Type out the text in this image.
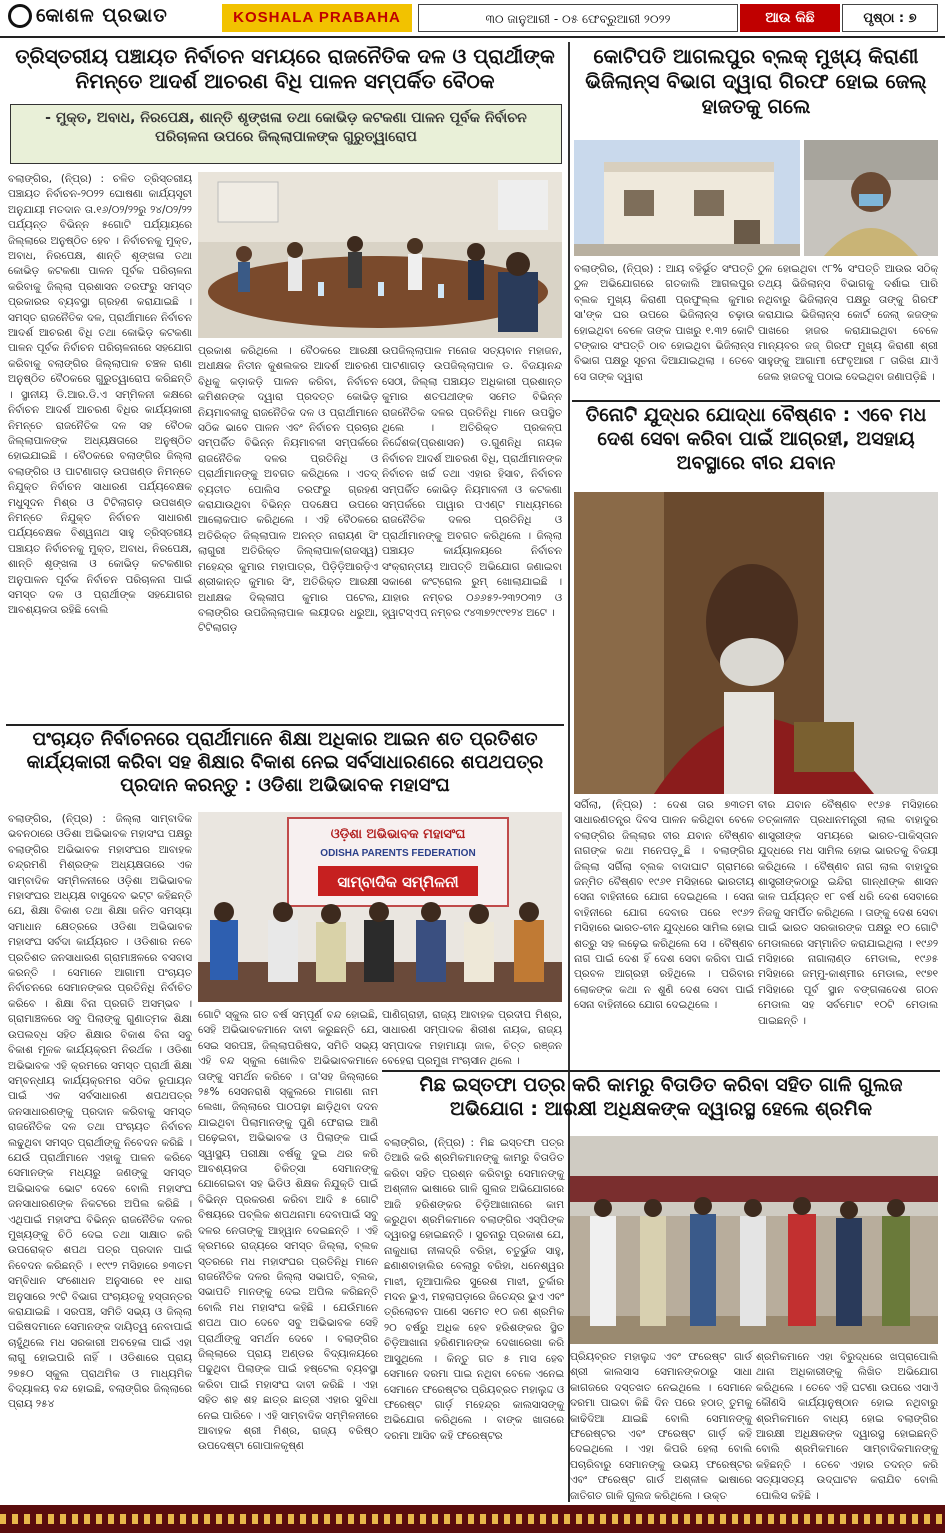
କୋଶଳ ପ୍ରଭାତ	KOSHALA PRABAHA	୩୦ ଜାନୁଆରୀ - ୦୫ ଫେବ୍ରୁଆରୀ ୨୦୨୨	ଆଉ କିଛି	ପୃଷ୍ଠା : ୭
ତ୍ରିସ୍ତରୀୟ ପଞ୍ଚାୟତ ନିର୍ବାଚନ ସମୟରେ ରାଜନୈତିକ ଦଳ ଓ ପ୍ରାର୍ଥୀଙ୍କ ନିମନ୍ତେ ଆଦର୍ଶ ଆଚରଣ ବିଧି ପାଳନ ସମ୍ପର୍କିତ ବୈଠକ
- ମୁକ୍ତ, ଅବାଧ, ନିରପେକ୍ଷ, ଶାନ୍ତି ଶୃଙ୍ଖଳା ତଥା କୋଭିଡ଼ କଟକଣା ପାଳନ ପୂର୍ବକ ନିର୍ବାଚନ ପରିଚାଳନା ଉପରେ ଜିଲ୍ଲାପାଳଙ୍କ ଗୁରୁତ୍ୱାରୋପ
ବଲାଙ୍ଗିର, (ନି୍ପ୍ର) : ଚଳିତ ତ୍ରିସ୍ତରୀୟ ପଞ୍ଚାୟତ ନିର୍ବାଚନ-୨୦୨୨ ଘୋଷଣା କାର୍ଯ୍ୟସୂଚୀ ଅନୁଯାୟୀ ମତଦାନ ତା.୧୬/୦୨/୨୨ରୁ ୨୪/୦୨/୨୨ ପର୍ଯ୍ୟନ୍ତ ବିଭିନ୍ନ ୫ଗୋଟି ପର୍ଯ୍ୟାୟରେ ଜିଲ୍ଲାରେ ଅନୁଷ୍ଠିତ ହେବ । ନିର୍ବାଚନକୁ ମୁକ୍ତ, ଅବାଧ, ନିରପେକ୍ଷ, ଶାନ୍ତି ଶୃଙ୍ଖଳା ତଥା କୋଭିଡ଼ କଟକଣା ପାଳନ ପୂର୍ବକ ପରିଚାଳନା କରିବାକୁ ଜିଲ୍ଲା ପ୍ରଶାସନ ତରଫରୁ ସମସ୍ତ ପ୍ରକାରର ବ୍ୟବସ୍ଥା ଗ୍ରହଣ କରାଯାଇଛି । ସମସ୍ତ ରାଜନୈତିକ ଦଳ, ପ୍ରାର୍ଥୀମାନେ ନିର୍ବାଚନ ଆଦର୍ଶ ଆଚରଣ ବିଧି ତଥା କୋଭିଡ଼ କଟକଣା ପାଳନ ପୂର୍ବକ ନିର୍ବାଚନ ପରିଚାଳନାରେ ସହଯୋଗ କରିବାକୁ ବଲାଙ୍ଗିର ଜିଲ୍ଲାପାଳ ଚଞ୍ଚଳ ରାଣା ଅନୁଷ୍ଠିତ ବୈଠକରେ ଗୁରୁତ୍ୱାରୋପ କରିଛନ୍ତି । ସ୍ଥାନୀୟ ଡି.ଆର.ଡି.ଏ ସମ୍ମିଳନୀ କକ୍ଷରେ ନିର୍ବାଚନ ଆଦର୍ଶ ଆଚରଣ ବିଧିର କାର୍ଯ୍ୟକାରୀ ନିମନ୍ତେ ରାଜନୈତିକ ଦଳ ସହ ବୈଠକ ଜିଲ୍ଲାପାଳଙ୍କ ଅଧ୍ୟକ୍ଷତାରେ ଅନୁଷ୍ଠିତ ହୋଇଯାଇଛି । ବୈଠକରେ ବଲାଙ୍ଗିର ଜିଲ୍ଲା ବଲାଙ୍ଗିର ଓ ପାଟଣାଗଡ଼ ଉପଖଣ୍ଡ ନିମନ୍ତେ ନିଯୁକ୍ତ ନିର୍ବାଚନ ସାଧାରଣ ପର୍ଯ୍ୟବେକ୍ଷକ ମଧୁସୂଦନ ମିଶ୍ର ଓ ଟିଟିଲାଗଡ଼ ଉପଖଣ୍ଡ ନିମନ୍ତେ ନିଯୁକ୍ତ ନିର୍ବାଚନ ସାଧାରଣ ପର୍ଯ୍ୟବେକ୍ଷକ ବିଶ୍ୱନାଥ ସାହୁ ତ୍ରିସ୍ତରୀୟ ପଞ୍ଚାୟତ ନିର୍ବାଚନକୁ ମୁକ୍ତ, ଅବାଧ, ନିରପେକ୍ଷ, ଶାନ୍ତି ଶୃଙ୍ଖଳା ଓ କୋଭିଡ଼ କଟକଣାର ଅନୁପାଳନ ପୂର୍ବକ ନିର୍ବାଚନ ପରିଚାଳନା ପାଇଁ ସମସ୍ତ ଦଳ ଓ ପ୍ରାର୍ଥୀଙ୍କ ସହଯୋଗର ଆବଶ୍ୟକତା ରହିଛି ବୋଲି
ପ୍ରକାଶ କରିଥିଲେ । ବୈଠକରେ ଆରକ୍ଷୀ ଅଧୀକ୍ଷକ ନିତୀନ କୁଶଲକର ଆଦର୍ଶ ଆଚରଣ ବିଧିକୁ କଡ଼ାକଡ଼ି ପାଳନ କରିବା, ନିର୍ବାଚନ କମିଶନଙ୍କ ଦ୍ୱାରା ପ୍ରଦତ୍ତ କୋଭିଡ଼ ନିୟମାବଳୀକୁ ରାଜନୈତିକ ଦଳ ଓ ପ୍ରାର୍ଥୀମାନେ ସଠିକ ଭାବେ ପାଳନ ଏବଂ ନିର୍ବାଚନ ପ୍ରଚାର ସମ୍ପର୍କିତ ବିଭିନ୍ନ ନିୟମାବଳୀ ସମ୍ପର୍କରେ ରାଜନୈତିକ ଦଳର ପ୍ରତିନିଧି ଓ ପ୍ରାର୍ଥୀମାନଙ୍କୁ ଅବଗତ କରିଥିଲେ । ଏତଦ୍ ବ୍ୟତୀତ ପୋଲିସ ତରଫରୁ ଗ୍ରହଣ କରାଯାଉଥିବା ବିଭିନ୍ନ ପଦକ୍ଷେପ ଉପରେ ଆଲୋକପାତ କରିଥିଲେ । ଏହି ବୈଠକରେ ଅତିରିକ୍ତ ଜିଲ୍ଲାପାଳ ଅନନ୍ତ ନାରାୟଣ ସିଂ ଲାଗୁରୀ ଅତିରିକ୍ତ ଜିଲ୍ଲାପାଳ(ରାଜସ୍ୱ) ମହେନ୍ଦ୍ର କୁମାର ମହାପାତ୍ର, ପିଡ଼ିଡ଼ିଆରଡ଼ିଏ ଶ୍ରୀକାନ୍ତ କୁମାର ସିଂ, ଅତିରିକ୍ତ ଆରକ୍ଷୀ ଅଧୀକ୍ଷକ ଦିଲ୍ଲୀପ କୁମାର ପଟେଲ, ବଲାଙ୍ଗିର ଉପଜିଲ୍ଲାପାଳ ଲୟୀଦର ଧରୁଆ, ଟିଟିଲାଗଡ଼
ଉପଜିଲ୍ଲାପାଳ ମନୋଜ ସତ୍ୟବାନ ମହାଜନ, ପାଟଣାଗଡ଼ ଉପଜିଲ୍ଲାପାଳ ଡ. ବିଜୟାନନ୍ଦ ସେଠୀ, ଜିଲ୍ଲା ପଞ୍ଚାୟତ ଅଧିକାରୀ ପ୍ରଶାନ୍ତ କୁମାର ଶତପଥୀଙ୍କ ସମେତ ବିଭିନ୍ନ ରାଜନୈତିକ ଦଳର ପ୍ରତିନିଧି ମାନେ ଉପସ୍ଥିତ ଥିଲେ । ଅତିରିକ୍ତ ପ୍ରକଳ୍ପ ନିର୍ଦ୍ଦେଶକ(ପ୍ରଶାସନ) ଡ.ଗୁଣନିଧି ନାୟକ ନିର୍ବାଚନ ଆଦର୍ଶ ଆଚରଣ ବିଧି, ପ୍ରାର୍ଥୀମାନଙ୍କ ନିର୍ବାଚନ ଖର୍ଚ୍ଚ ତଥା ଏହାର ହିସାବ, ନିର୍ବାଚନ ସମ୍ପର୍କିତ କୋଭିଡ଼ ନିୟମାବଳୀ ଓ କଟକଣା ସମ୍ପର୍କରେ ପାୱାର ପଏଣ୍ଟ ମାଧ୍ୟମରେ ରାଜନୈତିକ ଦଳର ପ୍ରତିନିଧି ଓ ପ୍ରାର୍ଥୀମାନଙ୍କୁ ଅବଗତ କରିଥିଲେ । ଜିଲ୍ଲା ପଞ୍ଚାୟତ କାର୍ଯ୍ୟାଳୟରେ ନିର୍ବାଚନ ସଂକ୍ରାନ୍ତୀୟ ଆପତ୍ତି ଅଭିଯୋଗ ଜଣାଇବା ସକାଶେ କଂଟ୍ରୋଲ ରୁମ୍ ଖୋଲାଯାଇଛି । ଯାହାର ନମ୍ବର ୦୬୬୫୨-୨୩୨୦୩୨ ଓ ହ୍ୱାଟସ୍ଏପ୍ ନମ୍ବର ୯୪୩୭୨୯୯୧୨୪ ଅଟେ ।
ପଂଚାୟତ ନିର୍ବାଚନରେ ପ୍ରାର୍ଥୀମାନେ ଶିକ୍ଷା ଅଧିକାର ଆଇନ ଶତ ପ୍ରତିଶତ କାର୍ଯ୍ୟକାରୀ କରିବା ସହ ଶିକ୍ଷାର ବିକାଶ ନେଇ ସର୍ବସାଧାରଣରେ ଶପଥପତ୍ର ପ୍ରଦାନ କରନ୍ତୁ : ଓଡିଶା ଅଭିଭାବକ ମହାସଂଘ
ବଲାଙ୍ଗିର, (ନି୍ପ୍ର) : ଜିଲ୍ଲା ସାମ୍ବାଦିକ ଭବନଠାରେ ଓଡିଶା ଅଭିଭାବକ ମହାସଂଘ ପକ୍ଷରୁ ବଲାଙ୍ଗିର ଅଭିଭାବକ ମହାସଂଘର ଆବାହକ ଚନ୍ଦ୍ରମଣି ମିଶ୍ରଙ୍କ ଅଧ୍ୟକ୍ଷତାରେ ଏକ ସାମ୍ବାଦିକ ସମ୍ମିଳନୀରେ ଓଡ଼ିଶା ଅଭିଭାବକ ମହାସଂଘର ଅଧ୍ୟକ୍ଷ ବାସୁଦେବ ଭଟ୍ଟ କହିଛନ୍ତି ଯେ, ଶିକ୍ଷା ବିକାଶ ତଥା ଶିକ୍ଷା ଜନିତ ସମସ୍ୟା ସମାଧାନ କ୍ଷେତ୍ରରେ ଓଡିଶା ଅଭିଭାବକ ମହାସଂଘ ସର୍ବଦା କାର୍ଯ୍ୟରତ । ଓଡିଶାର ନବେ ପ୍ରତିଶତ ଜନସାଧାରଣ ଗ୍ରାମାଞ୍ଚଳରେ ବସବାସ କରନ୍ତି । ସେମାନେ ଆଗାମୀ ପଂଚାୟତ ନିର୍ବାଚନରେ ସେମାନଙ୍କର ପ୍ରତିନିଧି ନିର୍ବାଚିତ କରିବେ । ଶିକ୍ଷା ବିନା ପ୍ରଗତି ଅସମ୍ଭବ । ଗ୍ରାମାଞ୍ଚଳରେ ସବୁ ପିଲାଙ୍କୁ ଗୁଣାତ୍ମକ ଶିକ୍ଷା ଉପଲବ୍ଧ ସହିତ ଶିକ୍ଷାର ବିକାଶ ବିନା ସବୁ ବିକାଶ ମୂଳକ କାର୍ଯ୍ୟକ୍ରମ ନିରର୍ଥକ । ଓଡିଶା ଅଭିଭାବକ ଏହି କ୍ରମରେ ସମସ୍ତ ପ୍ରାର୍ଥୀ ଶିକ୍ଷା ସମ୍ବନ୍ଧୀୟ କାର୍ଯ୍ୟକ୍ରମର ସଠିକ ରୂପାୟନ ପାଇଁ ଏକ ସର୍ବସାଧାରଣ ଶପଥପତ୍ର ଜନସାଧାରଣଙ୍କୁ ପ୍ରଦାନ କରିବାକୁ ସମସ୍ତ ରାଜନୈତିକ ଦଳ ତଥା ପଂଚାୟତ ନିର୍ବାଚନ ଲଢୁଥିବା ସମସ୍ତ ପ୍ରାର୍ଥୀଙ୍କୁ ନିବେଦନ କରିଛି । ଯେଉଁ ପ୍ରାର୍ଥୀମାନେ ଏହାକୁ ପାଳନ କରିବେ ସେମାନଙ୍କ ମଧ୍ୟରୁ ଜଣଙ୍କୁ ସମସ୍ତ ଅଭିଭାବକ ଭୋଟ ଦେବେ ବୋଲି ମହାସଂଘ ଜନସାଧାରଣଙ୍କ ନିକଟରେ ଅପିଲ କରିଛି । ଏଥିପାଇଁ ମହାସଂଘ ବିଭିନ୍ନ ରାଜନୈତିକ ଦଳର ମୁଖ୍ୟଙ୍କୁ ଚିଠି ଦେଇ ତଥା ସାକ୍ଷାତ କରି ଉପରୋକ୍ତ ଶପଥ ପତ୍ର ପ୍ରଦାନ ପାଇଁ ନିବେଦନ କରିଛନ୍ତି । ୧୯୯୨ ମସିହାରେ ୭୩ତମ ସମ୍ବିଧାନ ସଂଶୋଧନ ଅନୁସାରେ ୧୧ ଧାରା ଅନୁସାରେ ୨୯ଟି ବିଭାଗ ପଂଚାୟତକୁ ହସ୍ତାନ୍ତର କରାଯାଇଛି । ସରପଞ୍ଚ, ସମିତି ସଭ୍ୟ ଓ ଜିଲ୍ଲା ପରିଷଦମାନେ ସେମାନଙ୍କ ଦାୟିତ୍ୱ ନେବାପାଇଁ ଚାହୁଁଥିଲେ ମଧ ସରକାରୀ ଅବହେଳା ପାଇଁ ଏହା ଲାଗୁ ହୋଇପାରି ନାହିଁ । ଓଡିଶାରେ ପ୍ରାୟ ୨୭୫୦ ସ୍କୁଲ ପ୍ରାଥମିକ ଓ ମାଧ୍ୟମିକ ବିଦ୍ୟାଳୟ ବନ୍ଦ ହୋଇଛି, ବଲାଙ୍ଗିର ଜିଲ୍ଲାରେ ପ୍ରାୟ ୨୫୪
ଓଡ଼ିଶା ଅଭିଭାବକ ମହାସଂଘ
ODISHA PARENTS FEDERATION
ସାମ୍ବାଦିକ ସମ୍ମିଳନୀ
ଗୋଟି ସ୍କୁଲ ଗତ ବର୍ଷ ସମ୍ପୂର୍ଣ ବନ୍ଦ ହୋଇଛି, ସେହି ଅଭିଭାବକମାନେ ଦାବୀ କରୁଛନ୍ତି ଯେ, ସେଇ ସରପଞ୍ଚ, ଜିଲ୍ଲାପରିଷଦ, ସମିତି ସଭ୍ୟ ଏହି ବନ୍ଦ ସ୍କୁଲ ଖୋଲିବ ଅଭିଭାବକମାନେ ତାଙ୍କୁ ସମର୍ଥନ କରିବେ । ତା'ସହ ଜିଲ୍ଲାରେ ୨୫% ସେସନରାଶି ସ୍କୁଲରେ ମାଗଣା ନାମ ଲେଖା, ଜିଲ୍ଲାରେ ପାଠପଢ଼ା ଛାଡ଼ିଥିବା ଦଦନ ଯାଇଥିବା ପିଲାମାନଙ୍କୁ ପୁଣି ଫେରାଇ ଆଣି ପଢ଼େଇବା, ଅଭିଭାବକ ଓ ପିଲାଙ୍କ ପାଇଁ ସ୍ୱାସ୍ଥ୍ୟ ପରୀକ୍ଷା ବର୍ଷକୁ ଦୁଇ ଥର କରି ଆବଶ୍ୟକତା ଚିକିତ୍ସା ସେମାନଙ୍କୁ ଯୋଗେଇବା ସହ ଭିଡିଓ ଶିକ୍ଷକ ନିଯୁକ୍ତି ପାଇଁ ବିଭିନ୍ନ ପ୍ରକରଣ କରିବା ଆଦି ୫ ଗୋଟି ବିଷୟରେ ପବ୍ଲିକ ଶପଥନାମା ଦେବାପାଇଁ ସବୁ ଦଳର ନେତାଙ୍କୁ ଆହ୍ୱାନ ଦେଇଛନ୍ତି । ଏହି କ୍ରମରେ ରାଜ୍ୟରେ ସମସ୍ତ ଜିଲ୍ଲା, ବ୍ଲକ ସ୍ତରରେ ମଧ ମହାସଂଘର ପ୍ରତିନିଧି ମାନେ ରାଜନୈତିକ ଦଳର ଜିଲ୍ଲା ସଭାପତି, ବ୍ଲକ, ସଭାପତି ମାନଙ୍କୁ ଦେଇ ଅପିଲ କରିଛନ୍ତି ବୋଲି ମଧ ମହାସଂଘ କହିଛି । ଯେଉଁମାନେ ଶପଥ ପାଠ ଦେବେ ସବୁ ଅଭିଭାବକ ସେହି ପ୍ରାର୍ଥୀଙ୍କୁ ସମର୍ଥନ ଦେବେ । ବଲାଙ୍ଗିର ଜିଲ୍ଲାରେ ପ୍ରାୟ ଅଣ୍ଡର ବିଦ୍ୟାଳୟରେ ପଢୁଥିବା ପିଲାଙ୍କ ପାଇଁ ହଷ୍ଟେଲ ବ୍ୟବସ୍ଥା କରିବା ପାଇଁ ମହାସଂଘ ଦାବୀ କରିଛି । ଏହା ସହିତ ଶହ ଶହ ଛାତ୍ର ଛାତ୍ରୀ ଏହାର ସୁବିଧା ନେଇ ପାରିବେ । ଏହି ସାମ୍ବାଦିକ ସମ୍ମିଳନୀରେ ଆବାହକ ଶ୍ରୀ ମିଶ୍ର, ରାଜ୍ୟ ବରିଷ୍ଠ ଉପଦେଷ୍ଟା ଗୋପାଳକୃଷ୍ଣ
ପାଣିଗ୍ରାହୀ, ରାଜ୍ୟ ଆବାହକ ପ୍ରଦୀପ ମିଶ୍ର, ସାଧାରଣ ସମ୍ପାଦକ ଶିରୀଶ ନାୟକ, ରାଜ୍ୟ ସମ୍ପାଦକ ମହାମାୟା ଜାଳ, ଚିତ୍ତ ରଞ୍ଜନ ବେହେରା ପ୍ରମୁଖ ମଂଚାସୀନ ଥିଲେ ।
କୋଟିପତି ଆଗଲପୁର ବ୍ଲକ୍ ମୁଖ୍ୟ କିରାଣୀ ଭିଜିଲାନ୍ସ ବିଭାଗ ଦ୍ୱାରା ଗିରଫ ହୋଇ ଜେଲ୍ ହାଜତକୁ ଗଲେ
ବଲାଙ୍ଗିର, (ନି୍ପ୍ର) : ଆୟ ବହିର୍ଭୂତ ସଂପତ୍ତି ଠୁଳ ଅଭିଯୋଗରେ ଗତକାଲି ଆଗଲପୁର ବ୍ଲକ ମୁଖ୍ୟ କିରାଣୀ ପ୍ରଫୁଲ୍ଲ କୁମାର ସା'ଙ୍କ ଘର ଉପରେ ଭିଜିଲାନ୍ସ ଚଢ଼ାଉ ହୋଇଥିବା ବେଳେ ତାଙ୍କ ପାଖରୁ ୧.୩୨ କୋଟି ଟଙ୍କାର ସଂପତ୍ତି ଠାବ ହୋଇଥିବା ଭିଜିଲାନ୍ସ ବିଭାଗ ପକ୍ଷରୁ ସୂଚନା ଦିଆଯାଇଥିଲା । ତେବେ ସେ ତାଙ୍କ ଦ୍ୱାରା
ଠୁଳ ହୋଇଥିବା ୯୮% ସଂପତ୍ତି ଆଉର ସଠିକ୍ ତଥ୍ୟ ଭିଜିଲାନ୍ସ ବିଭାଗକୁ ଦର୍ଶାଇ ପାରି ନଥିବାରୁ ଭିଜିଲାନ୍ସ ପକ୍ଷରୁ ତାଙ୍କୁ ଗିରଫ କରାଯାଇ ଭିଜିଲାନ୍ସ କୋର୍ଟ ଜେଲା୍ କଜଙ୍କ ପାଖରେ ହାଜର କରାଯାଇଥିବା ବେଳେ ମାନ୍ୟବର ଜଜ୍ ଗିରଫ ମୁଖ୍ୟ କିରାଣୀ ଶ୍ରୀ ସାହୁଙ୍କୁ ଆଗାମୀ ଫେବୃଆରୀ ୮ ତାରିଖ ଯାଏଁ ଜେଲ ହାଜତକୁ ପଠାଇ ଦେଇଥିବା ଜଣାପଡ଼ିଛି ।
ତିନୋଟି ଯୁଦ୍ଧର ଯୋଦ୍ଧା ବୈଷ୍ଣବ : ଏବେ ମଧ ଦେଶ ସେବା କରିବା ପାଇଁ ଆଗ୍ରହୀ, ଅସହାୟ ଅବସ୍ଥାରେ ବୀର ଯବାନ
ସର୍ଗିଲା, (ନି୍ପ୍ର) : ଦେଶ ତାର ୭୩ତମ ସାଧାରଣତନ୍ତ୍ର ଦିବସ ପାଳନ କରିଥିବା ବେଳେ ବଲାଙ୍ଗିର ଜିଲ୍ଲାର ବୀର ଯବାନ ବୈଷ୍ଣବ ନାଗଙ୍କ କଥା ମନେପଡ଼ୁଛି । ବଲାଙ୍ଗିର ଜିଲ୍ଲା ସର୍ଗିଲା ବ୍ଲକ ବାଦାଘାଟ ଗ୍ରାମରେ ଜନ୍ମିତ ବୈଷ୍ଣବ ୧୯୬୧ ମସିହାରେ ଭାରତୀୟ ସେନା ବାହିନୀରେ ଯୋଗ ଦେଇଥିଲେ । ସେନା ବାହିନୀରେ ଯୋଗ ଦେବାର ପରେ ୧୯୬୨ ମସିହାରେ ଭାରତ-ଚୀନ ଯୁଦ୍ଧରେ ସାମିଲ ହୋଇ ଶତ୍ରୁ ସହ ଲଢ଼େଇ କରିଥିଲେ ସେ । ବୈଷ୍ଣବ ନାଗ ପାଇଁ ଦେଶ ହିଁ ଦେଶ ସେବା କରିବା ପାଇଁ ପ୍ରବଳ ଆଗ୍ରହୀ ରହିଥିଲେ । ପରିବାର ଲୋକଙ୍କ କଥା ନ ଶୁଣି ଦେଶ ସେବା ପାଇଁ ସେନା ବାହିନୀରେ ଯୋଗ ଦେଇଥିଲେ ।
ବୀର ଯବାନ ବୈଷ୍ଣବ ୧୯୬୫ ମସିହାରେ ତତ୍କାଳୀନ ପ୍ରଧାନମନ୍ତ୍ରୀ ଲାଲ ବାହାଦୁର ଶାସ୍ତ୍ରୀଙ୍କ ସମୟରେ ଭାରତ-ପାକିସ୍ତାନ ଯୁଦ୍ଧରେ ମଧ ସାମିଲ ହୋଇ ଭାରତକୁ ବିଜୟୀ କରିଥିଲେ । ବୈଷ୍ଣବ ନାଗ ଲାଲ ବାହାଦୁର ଶାସ୍ତ୍ରୀଙ୍କଠାରୁ ଇନ୍ଦିରା ଗାନ୍ଧୀଙ୍କ ଶାସନ କାଳ ପର୍ଯ୍ୟନ୍ତ ୧୮ ବର୍ଷ ଧରି ଦେଶ ସେବାରେ ନିଜକୁ ସମର୍ପିତ କରିଥିଲେ । ତାଙ୍କୁ ଦେଶ ସେବା ପାଇଁ ଭାରତ ସରକାରଙ୍କ ପକ୍ଷରୁ ୧୦ ଗୋଟି ମେଡାଲରେ ସମ୍ମାନିତ କରାଯାଇଥିଲା । ୧୯୬୨ ମସିହାରେ ନାଗାଲାଣ୍ଡ ମେଡାଲ, ୧୯୬୫ ମସିହାରେ ଜମ୍ମୁ-କାଶ୍ମୀର ମେଡାଲ, ୧୯୭୧ ମସିହାରେ ପୂର୍ବ ସ୍ଥାନ ବଙ୍ଗଳାଦେଶ ଗଠନ ମେଡାଲ ସହ ସର୍ବମୋଟ ୧୦ଟି ମେଡାଲ ପାଇଛନ୍ତି ।
ମିଛ ଇସ୍ତଫା ପତ୍ର କରି କାମରୁ ବିତାଡିତ କରିବା ସହିତ ଗାଳି ଗୁଲଜ ଅଭିଯୋଗ : ଆରକ୍ଷୀ ଅଧିକ୍ଷକଙ୍କ ଦ୍ୱାରସ୍ଥ ହେଲେ ଶ୍ରମିକ
ବଲାଙ୍ଗିର, (ନି୍ପ୍ର) : ମିଛ ଇସ୍ତଫା ପତ୍ର ତିଆରି କରି ଶ୍ରମିକମାନଙ୍କୁ କାମରୁ ବିତାଡିତ କରିବା ସହିତ ପ୍ରଶ୍ନ କରିବାରୁ ସେମାନଙ୍କୁ ଅଶ୍ଳୀଳ ଭାଷାରେ ଗାଳି ଗୁଲଜ ଅଭିଯୋଗରେ ଆଜି ହରିଶଙ୍କର ଚିଡ଼ିଆଖାନାରେ କାମ କରୁଥିବା ଶ୍ରମିକମାନେ ବଲାଙ୍ଗିର ଏସ୍‌ପିଙ୍କ ଦ୍ୱାରସ୍ଥ ହୋଇଛନ୍ତି । ସୁଚନାରୁ ପ୍ରକାଶ ଯେ, ନାକୁଧାରା ନୀଳାଦ୍ରି ବରିହା, ଚତୁର୍ଭୁଜ ସାହୁ, ଛଣାଶବାହାଲିର ବେଲାରୁ ବରିହା, ଧନେଶ୍ୱର ମାଝୀ, ନୂଆପାଲିର ସୁରେଶ ମାଝୀ, ତୁର୍କାର ମଦନ ଭୁଏ, ମହଲାପଡ଼ାରେ ଜିତେନ୍ଦ୍ର ଭୁଏ ଏବଂ ତ୍ରିଲୋଚନ ପାଣେ ସମେତ ୧୦ ଜଣ ଶ୍ରମିକ ୨୦ ବର୍ଷରୁ ଅଧିକ ହେବ ହରିଶଙ୍କର ସ୍ଥିତ ଚିଡ଼ିଆଖାନା ହରିଣମାନଙ୍କ ଦେଖାରେଖା କରି ଆସୁଥିଲେ । କିନ୍ତୁ ଗତ ୫ ମାସ ହେବ ସେମାନେ ଦରମା ପାଇ ନଥିବା ବେଳେ ଏନେଇ ସେମାନେ ଫରେଷ୍ଟର ପ୍ରିୟବ୍ରତ ମହାଲୁଦ୍ଦ ଓ ଫରେଷ୍ଟ ଗାର୍ଡ଼ ମହେନ୍ଦ୍ର କାଲସାସଙ୍କୁ ଅଭିଯୋଗ କରିଥିଲେ । ବାଙ୍କ ଖାତାରେ ଦରମା ଆସିବ କହି ଫରେଷ୍ଟର
ପ୍ରିୟବ୍ରତ ମହାଲୁଦ୍ଦ ଏବଂ ଫରେଷ୍ଟ ଗାର୍ଡ ଶ୍ରୀ କାଲସାସ ସେମାନଙ୍କଠାରୁ ସାଧା କାଗଜରେ ଦସ୍ତଖତ ନେଇଥିଲେ । ସେମାନେ ଦରମା ପାଇବା କିଛି ଦିନ ପରେ ହଠାତ୍ ତୁମକୁ କାଢିଦିଆ ଯାଇଛି ବୋଲି ସେମାନଙ୍କୁ ଫରେଷ୍ଟର ଏବଂ ଫରେଷ୍ଟ ଗାର୍ଡ଼ କହି ଦେଇଥିଲେ । ଏହା କିପରି ହେଲା ବୋଲି ପଚାରିବାରୁ ସେମାନଙ୍କୁ ଉଭୟ ଫରେଷ୍ଟର ଏବଂ ଫରେଷ୍ଟ ଗାର୍ଡ ଅଶ୍ଳୀଳ ଭାଷାରେ ଜାତିଗତ ଗାଳି ଗୁଲଜ କରିଥିଲେ । ଉକ୍ତ
ଶ୍ରମିକମାନେ ଏହା ବିରୁଦ୍ଧରେ ଖପ୍ରାପୋଲି ଥାନା ଅଧିକାରୀଙ୍କୁ ଲିଖିତ ଅଭିଯୋଗ କରିଥିଲେ । ତେବେ ଏହି ଘଟଣା ଉପରେ ଏସାଏଁ କୌଣସି କାର୍ଯ୍ୟାନୁଷ୍ଠାନ ହୋଇ ନଥିବାରୁ ଶ୍ରମିକମାନେ ବାଧ୍ୟ ହୋଇ ବଲାଙ୍ଗିର ଆରକ୍ଷୀ ଅଧିକ୍ଷକଙ୍କ ଦ୍ୱାରସ୍ଥ ହୋଇଛନ୍ତି ବୋଲି ଶ୍ରମିକମାନେ ସାମ୍ବାଦିକମାନଙ୍କୁ କହିଛନ୍ତି । ତେବେ ଏହାର ତଦନ୍ତ କରି ସତ୍ୟାସତ୍ୟ ଉଦ୍‌ଘାଟନ କରାଯିବ ବୋଲି ପୋଲିସ କହିଛି ।
